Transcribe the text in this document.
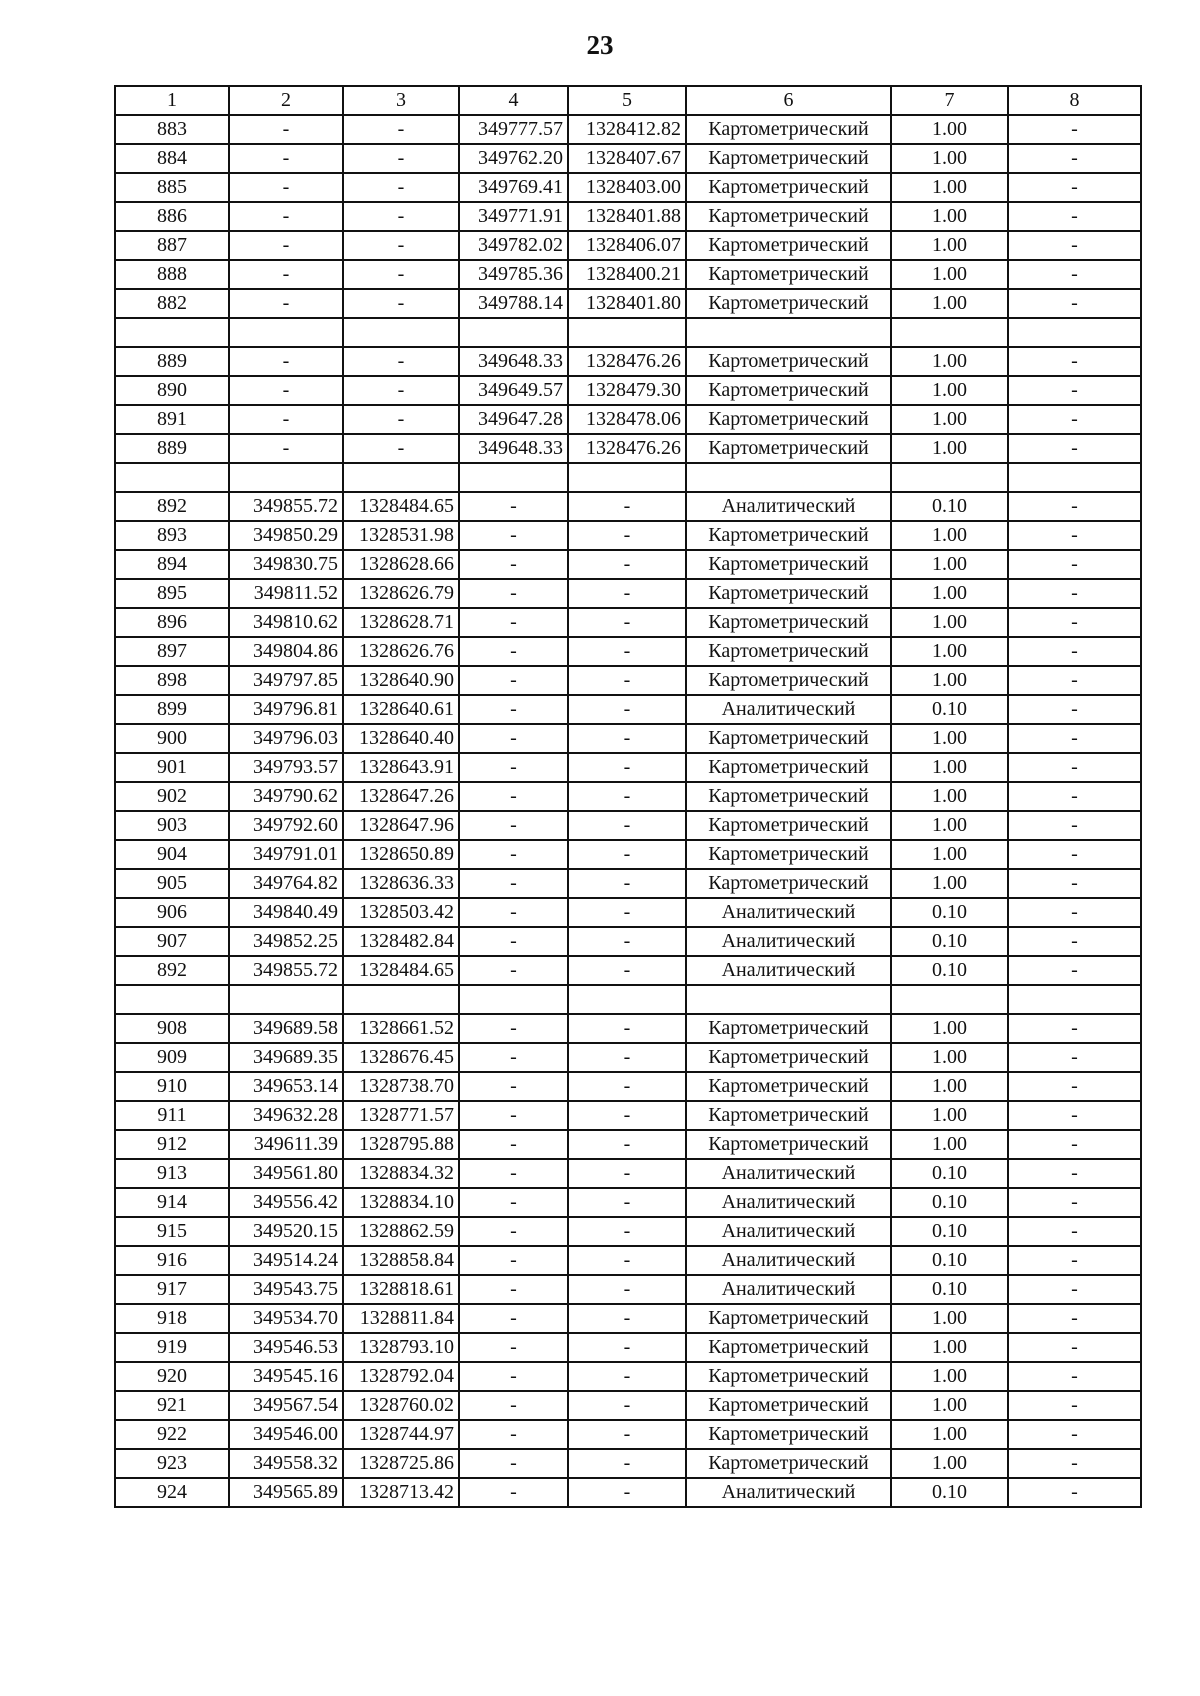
23
1	2	3	4	5	6	7	8
883	-	-	349777.57	1328412.82	Картометрический	1.00	-
884	-	-	349762.20	1328407.67	Картометрический	1.00	-
885	-	-	349769.41	1328403.00	Картометрический	1.00	-
886	-	-	349771.91	1328401.88	Картометрический	1.00	-
887	-	-	349782.02	1328406.07	Картометрический	1.00	-
888	-	-	349785.36	1328400.21	Картометрический	1.00	-
882	-	-	349788.14	1328401.80	Картометрический	1.00	-

889	-	-	349648.33	1328476.26	Картометрический	1.00	-
890	-	-	349649.57	1328479.30	Картометрический	1.00	-
891	-	-	349647.28	1328478.06	Картометрический	1.00	-
889	-	-	349648.33	1328476.26	Картометрический	1.00	-

892	349855.72	1328484.65	-	-	Аналитический	0.10	-
893	349850.29	1328531.98	-	-	Картометрический	1.00	-
894	349830.75	1328628.66	-	-	Картометрический	1.00	-
895	349811.52	1328626.79	-	-	Картометрический	1.00	-
896	349810.62	1328628.71	-	-	Картометрический	1.00	-
897	349804.86	1328626.76	-	-	Картометрический	1.00	-
898	349797.85	1328640.90	-	-	Картометрический	1.00	-
899	349796.81	1328640.61	-	-	Аналитический	0.10	-
900	349796.03	1328640.40	-	-	Картометрический	1.00	-
901	349793.57	1328643.91	-	-	Картометрический	1.00	-
902	349790.62	1328647.26	-	-	Картометрический	1.00	-
903	349792.60	1328647.96	-	-	Картометрический	1.00	-
904	349791.01	1328650.89	-	-	Картометрический	1.00	-
905	349764.82	1328636.33	-	-	Картометрический	1.00	-
906	349840.49	1328503.42	-	-	Аналитический	0.10	-
907	349852.25	1328482.84	-	-	Аналитический	0.10	-
892	349855.72	1328484.65	-	-	Аналитический	0.10	-

908	349689.58	1328661.52	-	-	Картометрический	1.00	-
909	349689.35	1328676.45	-	-	Картометрический	1.00	-
910	349653.14	1328738.70	-	-	Картометрический	1.00	-
911	349632.28	1328771.57	-	-	Картометрический	1.00	-
912	349611.39	1328795.88	-	-	Картометрический	1.00	-
913	349561.80	1328834.32	-	-	Аналитический	0.10	-
914	349556.42	1328834.10	-	-	Аналитический	0.10	-
915	349520.15	1328862.59	-	-	Аналитический	0.10	-
916	349514.24	1328858.84	-	-	Аналитический	0.10	-
917	349543.75	1328818.61	-	-	Аналитический	0.10	-
918	349534.70	1328811.84	-	-	Картометрический	1.00	-
919	349546.53	1328793.10	-	-	Картометрический	1.00	-
920	349545.16	1328792.04	-	-	Картометрический	1.00	-
921	349567.54	1328760.02	-	-	Картометрический	1.00	-
922	349546.00	1328744.97	-	-	Картометрический	1.00	-
923	349558.32	1328725.86	-	-	Картометрический	1.00	-
924	349565.89	1328713.42	-	-	Аналитический	0.10	-
